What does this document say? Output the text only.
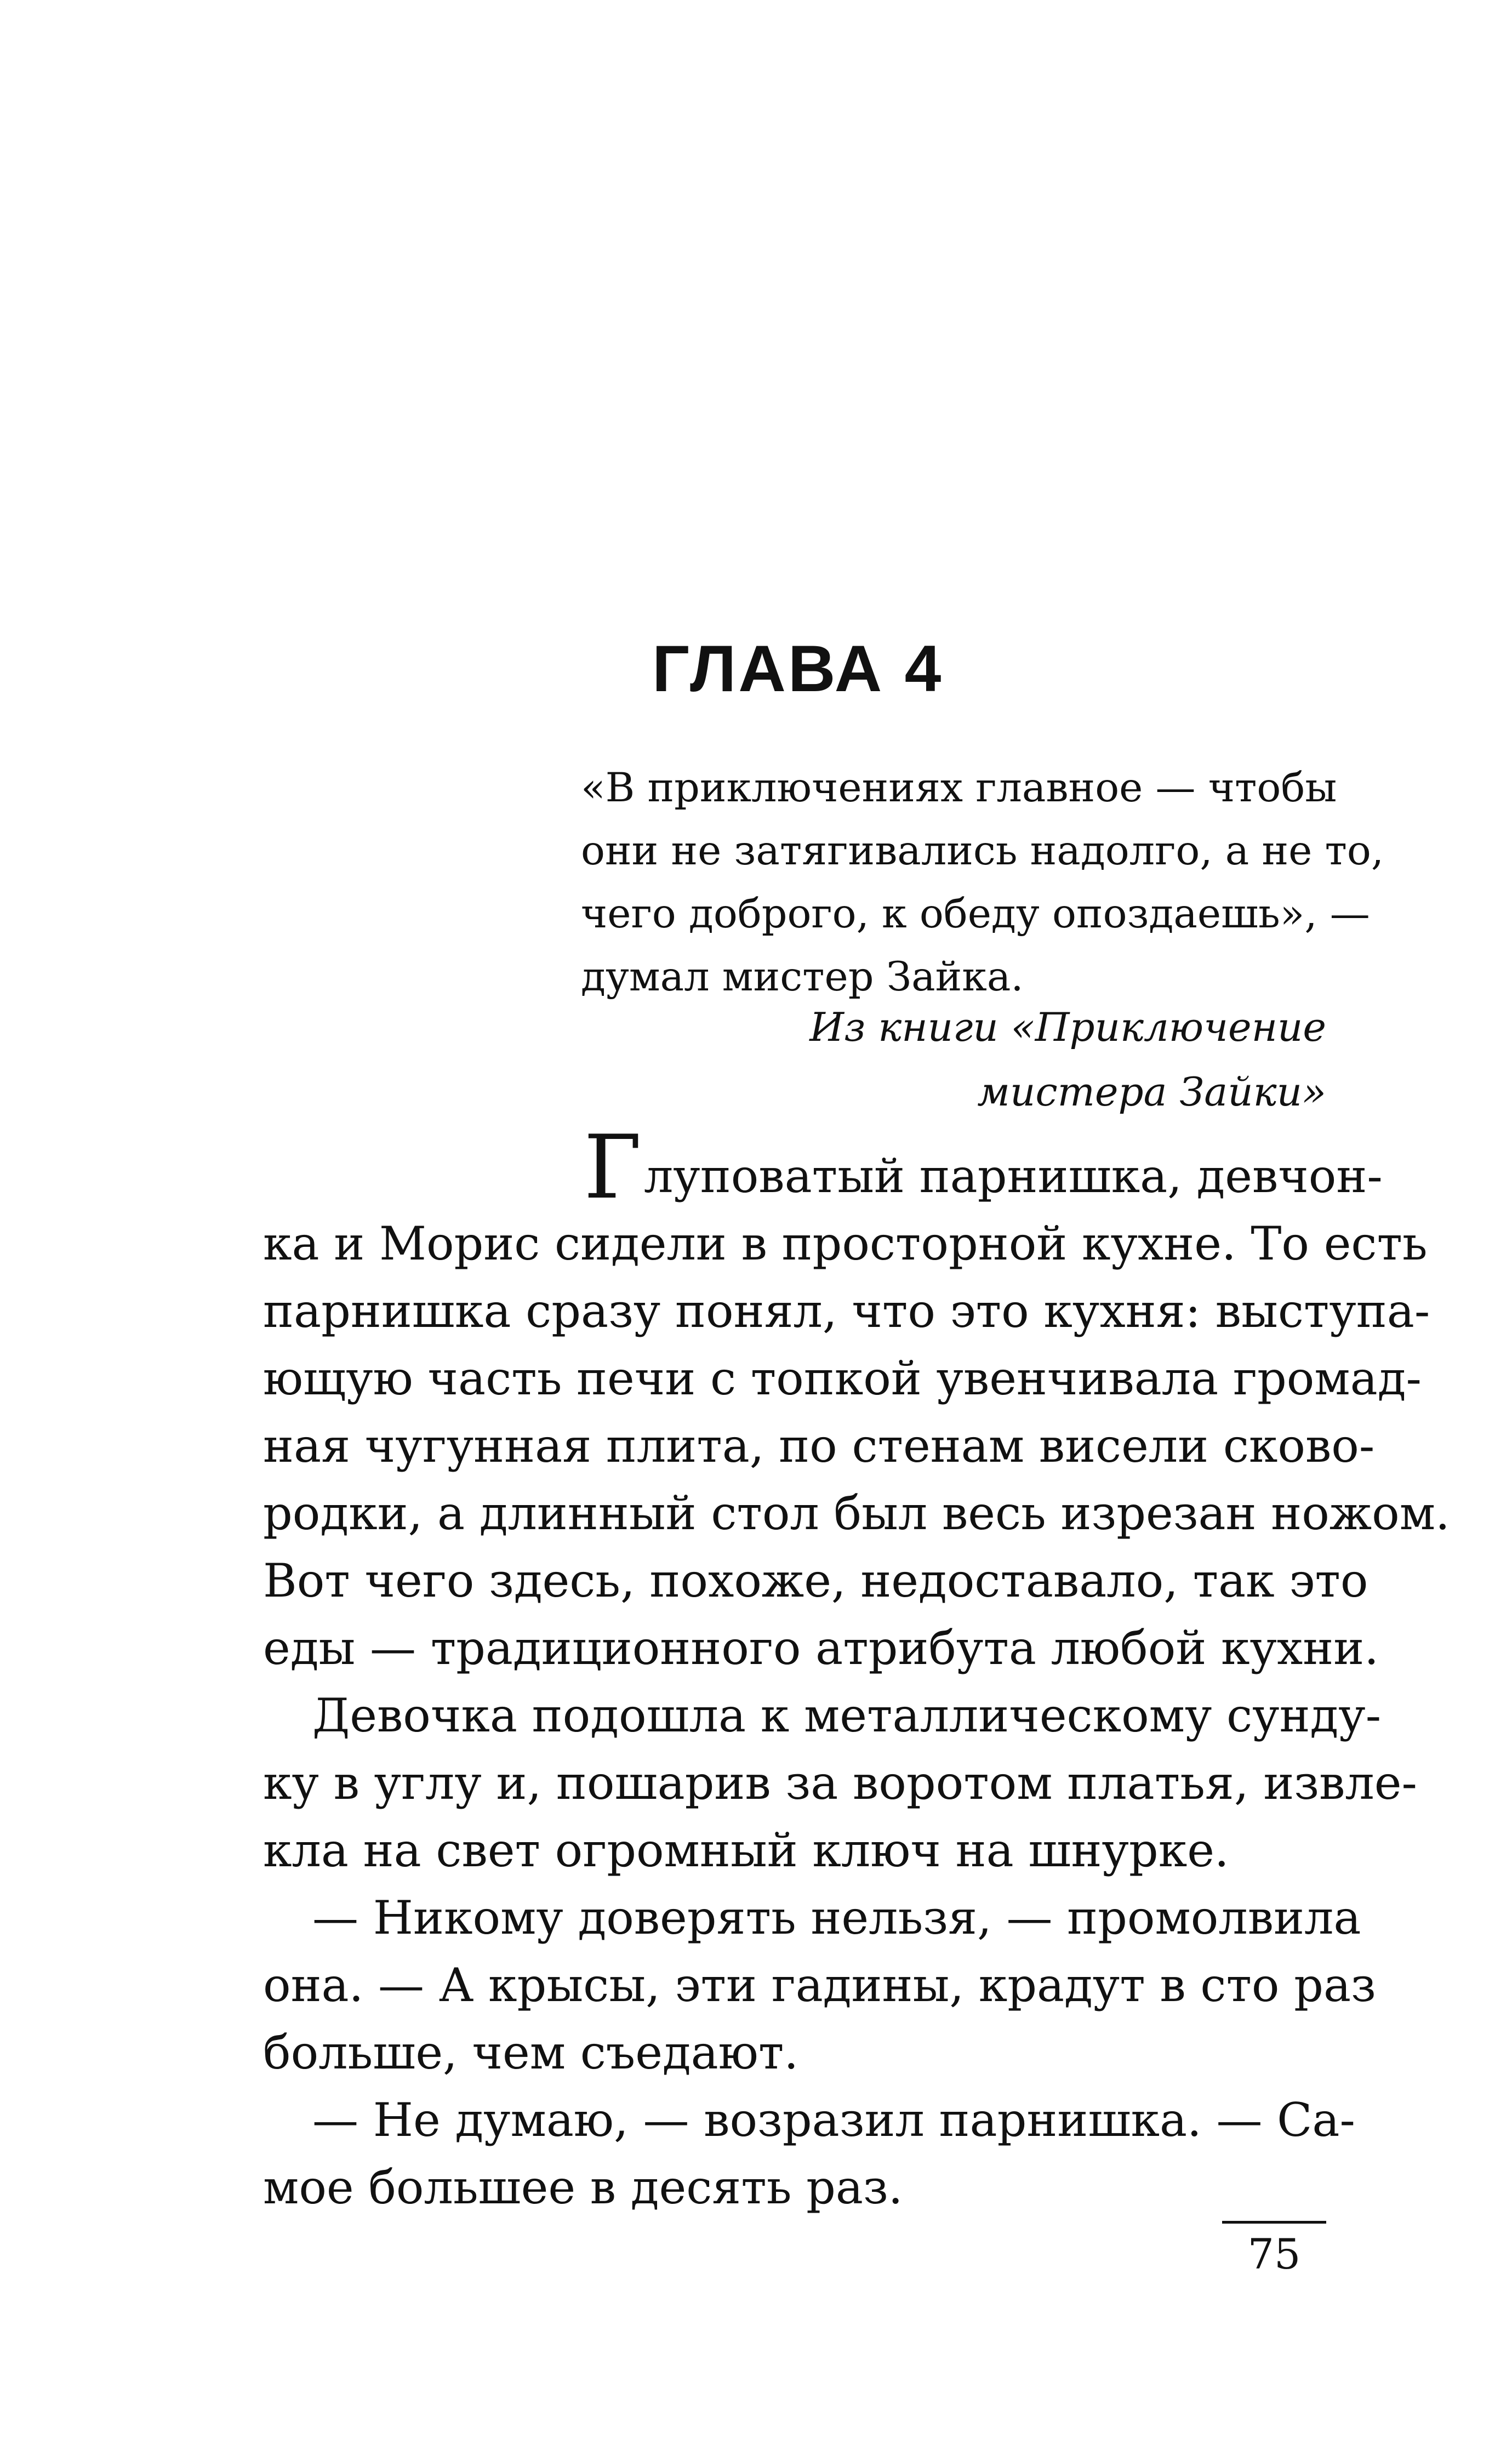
ГЛАВА 4
«В приключениях главное — чтобы
они не затягивались надолго, а не то,
чего доброго, к обеду опоздаешь», —
думал мистер Зайка.
Из книги «Приключение
мистера Зайки»
Глуповатый парнишка, девчон-
ка и Морис сидели в просторной кухне. То есть
парнишка сразу понял, что это кухня: выступа-
ющую часть печи с топкой увенчивала громад-
ная чугунная плита, по стенам висели сково-
родки, а длинный стол был весь изрезан ножом.
Вот чего здесь, похоже, недоставало, так это
еды — традиционного атрибута любой кухни.
Девочка подошла к металлическому сунду-
ку в углу и, пошарив за воротом платья, извле-
кла на свет огромный ключ на шнурке.
— Никому доверять нельзя, — промолвила
она. — А крысы, эти гадины, крадут в сто раз
больше, чем съедают.
— Не думаю, — возразил парнишка. — Са-
мое большее в десять раз.
75
